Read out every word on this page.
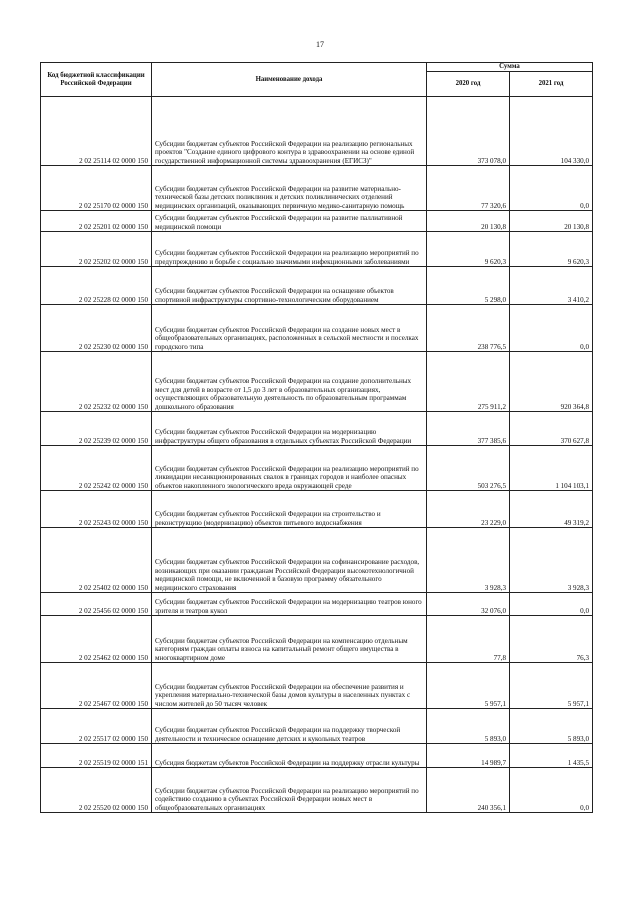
17
Код бюджетной классификации Российской Федерации	Наименование дохода	Сумма	
		2020 год	2021 год
2 02 25114 02 0000 150	Субсидии бюджетам субъектов Российской Федерации на реализацию региональных проектов "Создание единого цифрового контура в здравоохранении на основе единой государственной информационной системы здравоохранения (ЕГИСЗ)"	373 078,0	104 330,0
2 02 25170 02 0000 150	Субсидии бюджетам субъектов Российской Федерации на развитие материально-технической базы детских поликлиник и детских поликлинических отделений медицинских организаций, оказывающих первичную медико-санитарную помощь	77 320,6	0,0
2 02 25201 02 0000 150	Субсидии бюджетам субъектов Российской Федерации на развитие паллиативной медицинской помощи	20 130,8	20 130,8
2 02 25202 02 0000 150	Субсидии бюджетам субъектов Российской Федерации на реализацию мероприятий по предупреждению и борьбе с социально значимыми инфекционными заболеваниями	9 620,3	9 620,3
2 02 25228 02 0000 150	Субсидии бюджетам субъектов Российской Федерации на оснащение объектов спортивной инфраструктуры спортивно-технологическим оборудованием	5 298,0	3 410,2
2 02 25230 02 0000 150	Субсидии бюджетам субъектов Российской Федерации на создание новых мест в общеобразовательных организациях, расположенных в сельской местности и поселках городского типа	238 776,5	0,0
2 02 25232 02 0000 150	Субсидии бюджетам субъектов Российской Федерации на создание дополнительных мест для детей в возрасте от 1,5 до 3 лет в образовательных организациях, осуществляющих образовательную деятельность по образовательным программам дошкольного образования	275 911,2	920 364,8
2 02 25239 02 0000 150	Субсидии бюджетам субъектов Российской Федерации на модернизацию инфраструктуры общего образования в отдельных субъектах Российской Федерации	377 385,6	370 627,8
2 02 25242 02 0000 150	Субсидии бюджетам субъектов Российской Федерации на реализацию мероприятий по ликвидации несанкционированных свалок в границах городов и наиболее опасных объектов накопленного экологического вреда окружающей среде	503 276,5	1 104 103,1
2 02 25243 02 0000 150	Субсидии бюджетам субъектов Российской Федерации на строительство и реконструкцию (модернизацию) объектов питьевого водоснабжения	23 229,0	49 319,2
2 02 25402 02 0000 150	Субсидии бюджетам субъектов Российской Федерации на софинансирование расходов, возникающих при оказании гражданам Российской Федерации высокотехнологичной медицинской помощи, не включенной в базовую программу обязательного медицинского страхования	3 928,3	3 928,3
2 02 25456 02 0000 150	Субсидии бюджетам субъектов Российской Федерации на модернизацию театров юного зрителя и театров кукол	32 076,0	0,0
2 02 25462 02 0000 150	Субсидии бюджетам субъектов Российской Федерации на компенсацию отдельным категориям граждан оплаты взноса на капитальный ремонт общего имущества в многоквартирном доме	77,8	76,3
2 02 25467 02 0000 150	Субсидии бюджетам субъектов Российской Федерации на обеспечение развития и укрепления материально-технической базы домов культуры в населенных пунктах с числом жителей до 50 тысяч человек	5 957,1	5 957,1
2 02 25517 02 0000 150	Субсидии бюджетам субъектов Российской Федерации на поддержку творческой деятельности и техническое оснащение детских и кукольных театров	5 893,0	5 893,0
2 02 25519 02 0000 151	Субсидия бюджетам субъектов Российской Федерации на поддержку отрасли культуры	14 989,7	1 435,5
2 02 25520 02 0000 150	Субсидии бюджетам субъектов Российской Федерации на реализацию мероприятий по содействию созданию в субъектах Российской Федерации новых мест в общеобразовательных организациях	240 356,1	0,0
